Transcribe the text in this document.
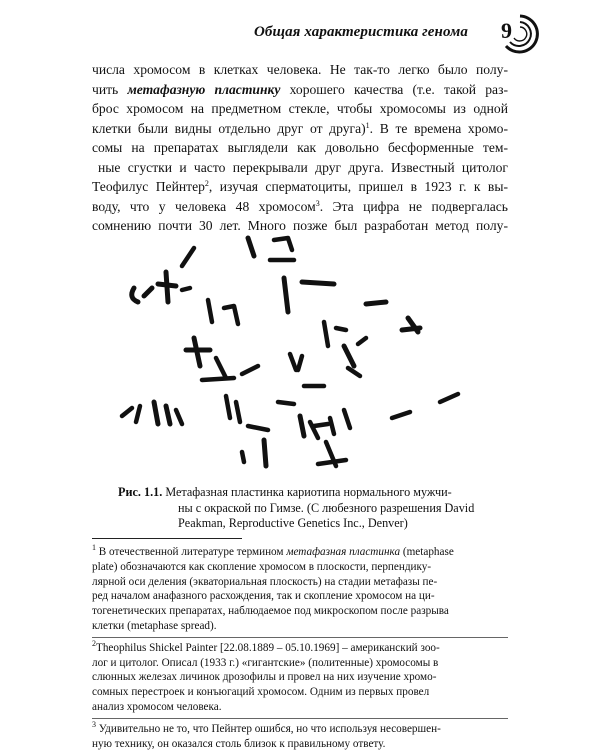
Общая характеристика генома 9
числа хромосом в клетках человека. Не так-то легко было полу-
чить метафазную пластинку хорошего качества (т.е. такой раз-
брос хромосом на предметном стекле, чтобы хромосомы из одной
клетки были видны отдельно друг от друга)$^1$. В те времена хромо-
сомы на препаратах выглядели как довольно бесформенные тем-
ные сгустки и часто перекрывали друг друга. Известный цитолог
Теофилус Пейнтер$^2$, изучая сперматоциты, пришел в 1923 г. к вы-
воду, что у человека 48 хромосом$^3$. Эта цифра не подвергалась
сомнению почти 30 лет. Много позже был разработан метод полу-
Рис. 1.1. Метафазная пластинка кариотипа нормального мужчи-
ны с окраской по Гимзе. (С любезного разрешения David
Peakman, Reproductive Genetics Inc., Denver)
$^1$ В отечественной литературе термином метафазная пластинка (metaphase
plate) обозначаются как скопление хромосом в плоскости, перпендику-
лярной оси деления (экваториальная плоскость) на стадии метафазы пе-
ред началом анафазного расхождения, так и скопление хромосом на ци-
тогенетических препаратах, наблюдаемое под микроскопом после разрыва
клетки (metaphase spread).
$^2$Theophilus Shickel Painter [22.08.1889 – 05.10.1969] – американский зоо-
лог и цитолог. Описал (1933 г.) «гигантские» (политенные) хромосомы в
слюнных железах личинок дрозофилы и провел на них изучение хромо-
сомных перестроек и конъюгаций хромосом. Одним из первых провел
анализ хромосом человека.
$^3$ Удивительно не то, что Пейнтер ошибся, но что используя несовершен-
ную технику, он оказался столь близок к правильному ответу.
